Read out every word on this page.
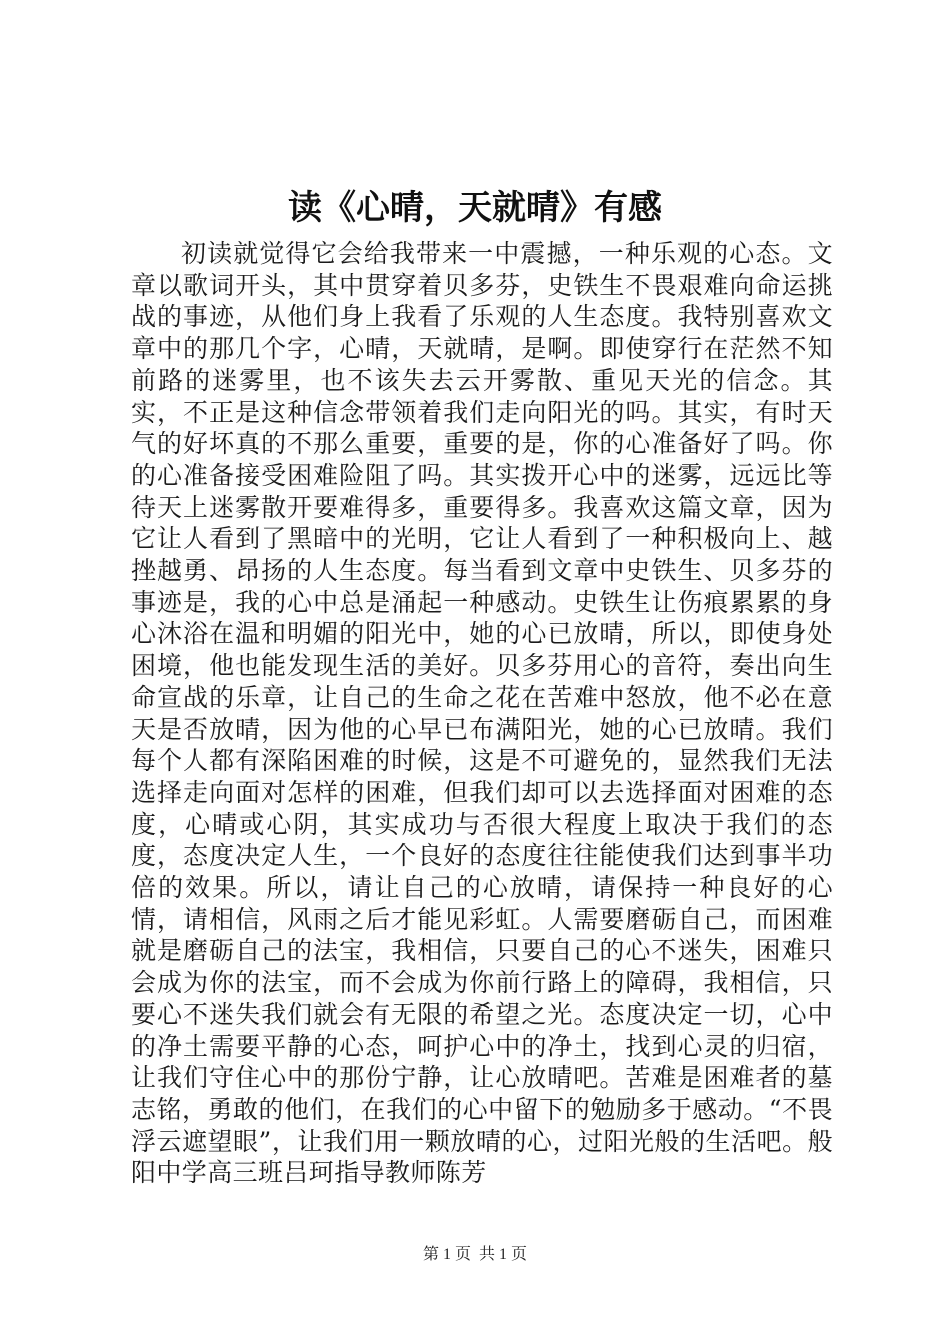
读《心晴，天就晴》有感

初读就觉得它会给我带来一中震撼，一种乐观的心态。文章以歌词开头，其中贯穿着贝多芬，史铁生不畏艰难向命运挑战的事迹，从他们身上我看了乐观的人生态度。我特别喜欢文章中的那几个字，心晴，天就晴，是啊。即使穿行在茫然不知前路的迷雾里，也不该失去云开雾散、重见天光的信念。其实，不正是这种信念带领着我们走向阳光的吗。其实，有时天气的好坏真的不那么重要，重要的是，你的心准备好了吗。你的心准备接受困难险阻了吗。其实拨开心中的迷雾，远远比等待天上迷雾散开要难得多，重要得多。我喜欢这篇文章，因为它让人看到了黑暗中的光明，它让人看到了一种积极向上、越挫越勇、昂扬的人生态度。每当看到文章中史铁生、贝多芬的事迹是，我的心中总是涌起一种感动。史铁生让伤痕累累的身心沐浴在温和明媚的阳光中，她的心已放晴，所以，即使身处困境，他也能发现生活的美好。贝多芬用心的音符，奏出向生命宣战的乐章，让自己的生命之花在苦难中怒放，他不必在意天是否放晴，因为他的心早已布满阳光，她的心已放晴。我们每个人都有深陷困难的时候，这是不可避免的，显然我们无法选择走向面对怎样的困难，但我们却可以去选择面对困难的态度，心晴或心阴，其实成功与否很大程度上取决于我们的态度，态度决定人生，一个良好的态度往往能使我们达到事半功倍的效果。所以，请让自己的心放晴，请保持一种良好的心情，请相信，风雨之后才能见彩虹。人需要磨砺自己，而困难就是磨砺自己的法宝，我相信，只要自己的心不迷失，困难只会成为你的法宝，而不会成为你前行路上的障碍，我相信，只要心不迷失我们就会有无限的希望之光。态度决定一切，心中的净土需要平静的心态，呵护心中的净土，找到心灵的归宿，让我们守住心中的那份宁静，让心放晴吧。苦难是困难者的墓志铭，勇敢的他们，在我们的心中留下的勉励多于感动。“不畏浮云遮望眼”，让我们用一颗放晴的心，过阳光般的生活吧。般阳中学高三班吕珂指导教师陈芳

第 1 页 共 1 页
